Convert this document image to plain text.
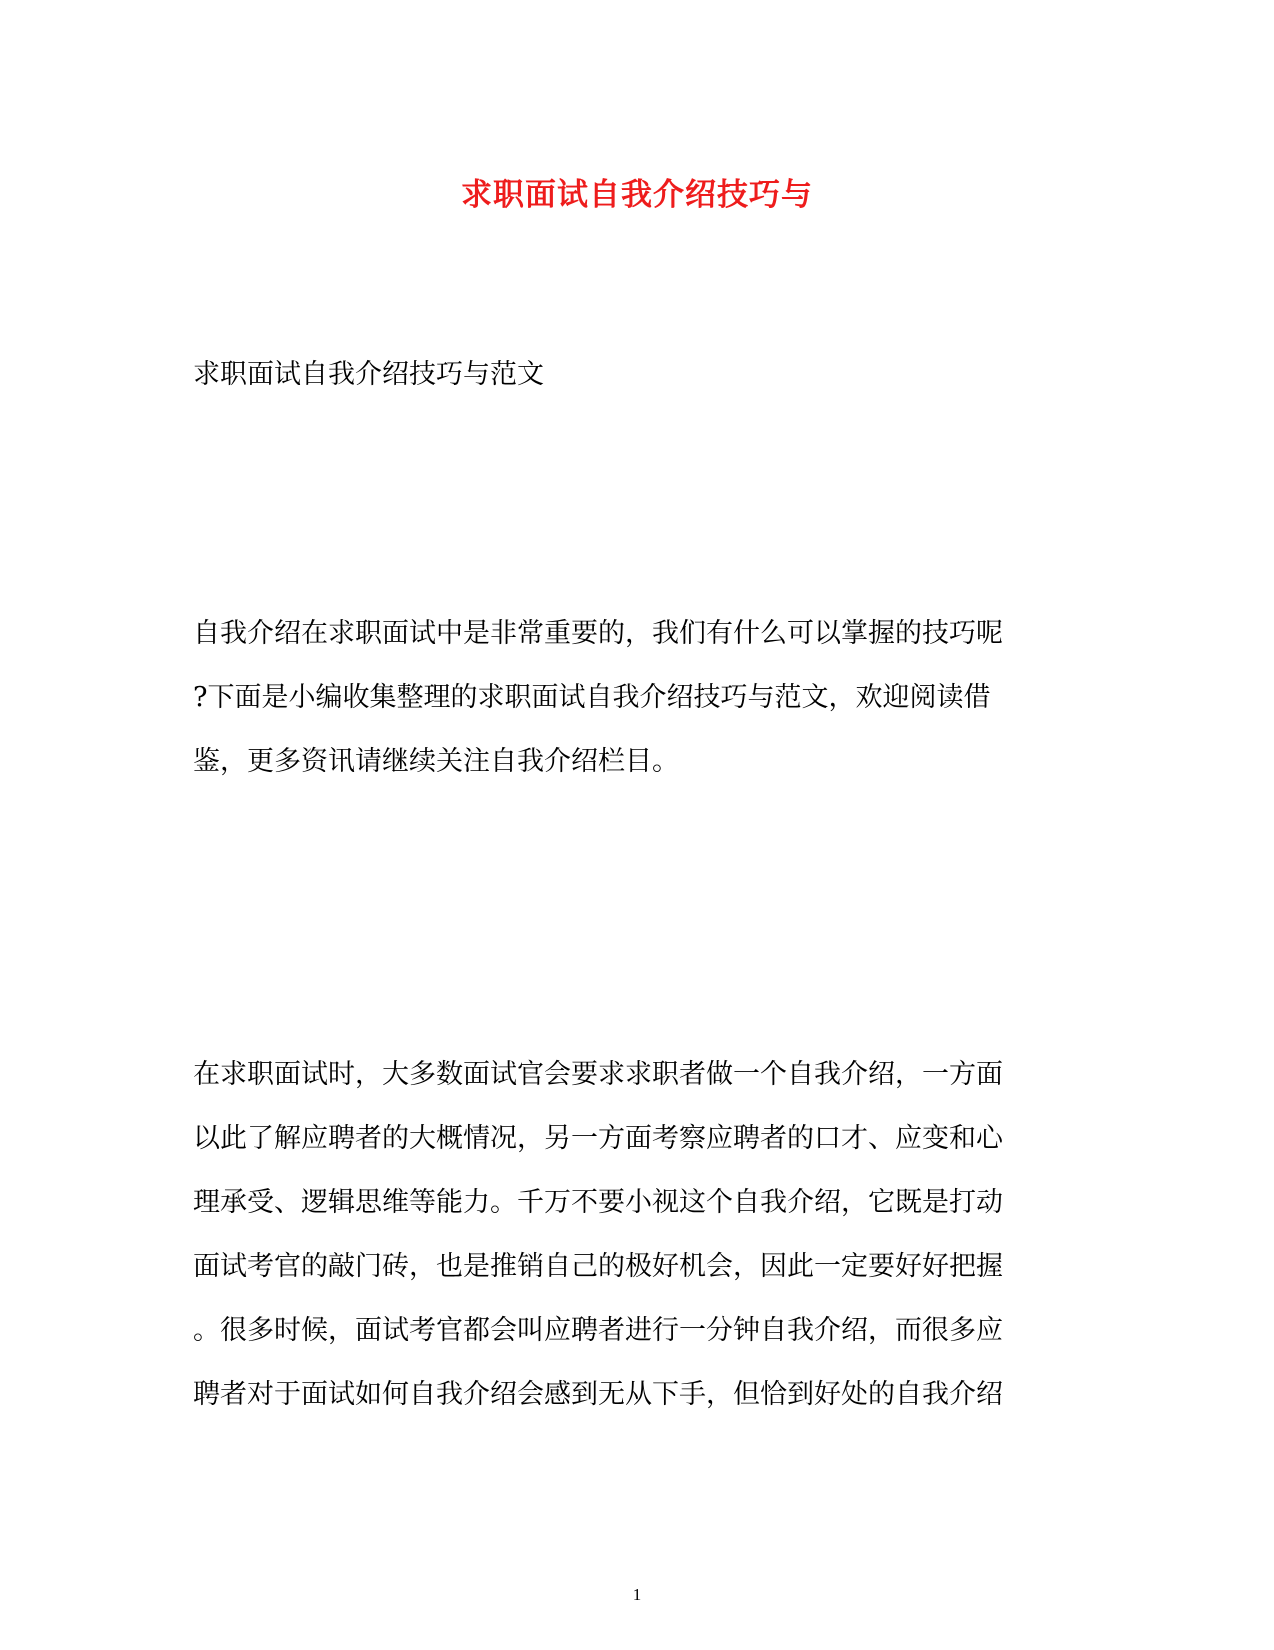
求职面试自我介绍技巧与
求职面试自我介绍技巧与范文
自我介绍在求职面试中是非常重要的，我们有什么可以掌握的技巧呢
?下面是小编收集整理的求职面试自我介绍技巧与范文，欢迎阅读借
鉴，更多资讯请继续关注自我介绍栏目。
在求职面试时，大多数面试官会要求求职者做一个自我介绍，一方面
以此了解应聘者的大概情况，另一方面考察应聘者的口才、应变和心
理承受、逻辑思维等能力。千万不要小视这个自我介绍，它既是打动
面试考官的敲门砖，也是推销自己的极好机会，因此一定要好好把握
。很多时候，面试考官都会叫应聘者进行一分钟自我介绍，而很多应
聘者对于面试如何自我介绍会感到无从下手，但恰到好处的自我介绍
1
